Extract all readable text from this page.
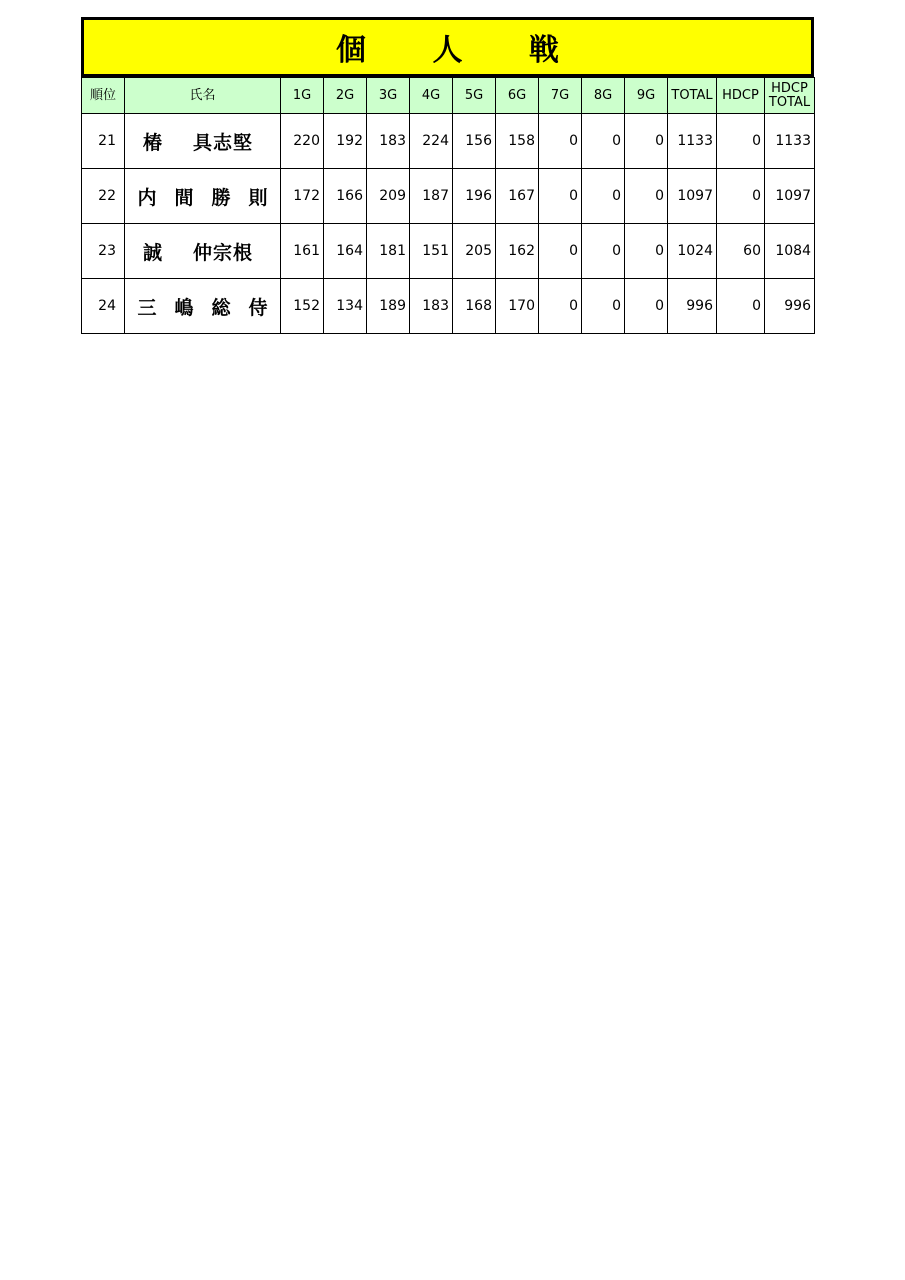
個 人 戦
順位	氏名	1G	2G	3G	4G	5G	6G	7G	8G	9G	TOTAL	HDCP	HDCP
TOTAL

21	椿 具志堅	220	192	183	224	156	158	0	0	0	1133	0	1133
22	内 間 勝 則	172	166	209	187	196	167	0	0	0	1097	0	1097
23	誠 仲宗根	161	164	181	151	205	162	0	0	0	1024	60	1084
24	三 嶋 総 侍	152	134	189	183	168	170	0	0	0	996	0	996
